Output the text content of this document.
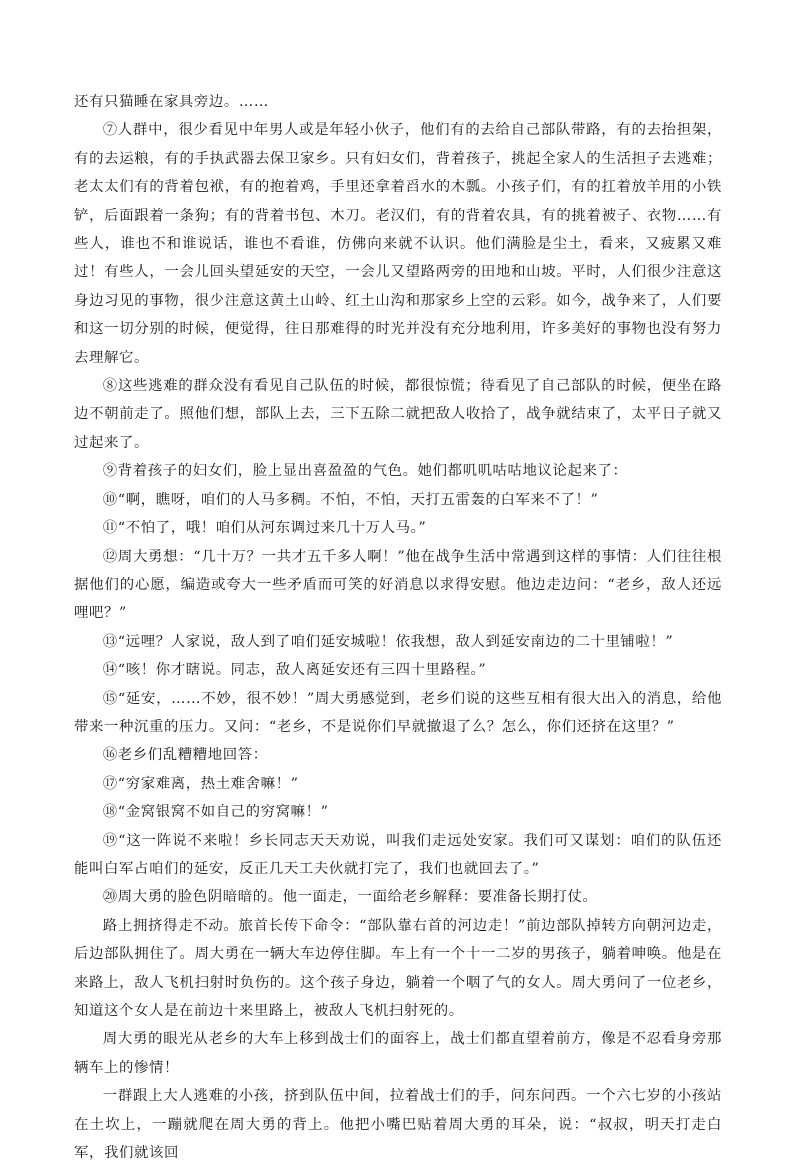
还有只猫睡在家具旁边。……

⑦人群中，很少看见中年男人或是年轻小伙子，他们有的去给自己部队带路，有的去抬担架，有的去运粮，有的手执武器去保卫家乡。只有妇女们，背着孩子，挑起全家人的生活担子去逃难；老太太们有的背着包袱，有的抱着鸡，手里还拿着舀水的木瓢。小孩子们，有的扛着放羊用的小铁铲，后面跟着一条狗；有的背着书包、木刀。老汉们，有的背着农具，有的挑着被子、衣物……有些人，谁也不和谁说话，谁也不看谁，仿佛向来就不认识。他们满脸是尘土，看来，又疲累又难过！有些人，一会儿回头望延安的天空，一会儿又望路两旁的田地和山坡。平时，人们很少注意这身边习见的事物，很少注意这黄土山岭、红土山沟和那家乡上空的云彩。如今，战争来了，人们要和这一切分别的时候，便觉得，往日那难得的时光并没有充分地利用，许多美好的事物也没有努力去理解它。

⑧这些逃难的群众没有看见自己队伍的时候，都很惊慌；待看见了自己部队的时候，便坐在路边不朝前走了。照他们想，部队上去，三下五除二就把敌人收拾了，战争就结束了，太平日子就又过起来了。

⑨背着孩子的妇女们，脸上显出喜盈盈的气色。她们都叽叽咕咕地议论起来了：

⑩“啊，瞧呀，咱们的人马多稠。不怕，不怕，天打五雷轰的白军来不了！”

⑪“不怕了，哦！咱们从河东调过来几十万人马。”

⑫周大勇想：“几十万？一共才五千多人啊！”他在战争生活中常遇到这样的事情：人们往往根据他们的心愿，编造或夸大一些矛盾而可笑的好消息以求得安慰。他边走边问：“老乡，敌人还远哩吧？”

⑬“远哩？人家说，敌人到了咱们延安城啦！依我想，敌人到延安南边的二十里铺啦！”

⑭“咳！你才瞎说。同志，敌人离延安还有三四十里路程。”

⑮“延安，……不妙，很不妙！”周大勇感觉到，老乡们说的这些互相有很大出入的消息，给他带来一种沉重的压力。又问：“老乡，不是说你们早就撤退了么？怎么，你们还挤在这里？”

⑯老乡们乱糟糟地回答：

⑰“穷家难离，热土难舍嘛！”

⑱“金窝银窝不如自己的穷窝嘛！”

⑲“这一阵说不来啦！乡长同志天天劝说，叫我们走远处安家。我们可又谋划：咱们的队伍还能叫白军占咱们的延安，反正几天工夫伙就打完了，我们也就回去了。”

⑳周大勇的脸色阴暗暗的。他一面走，一面给老乡解释：要准备长期打仗。

路上拥挤得走不动。旅首长传下命令：“部队靠右首的河边走！”前边部队掉转方向朝河边走，后边部队拥住了。周大勇在一辆大车边停住脚。车上有一个十一二岁的男孩子，躺着呻唤。他是在来路上，敌人飞机扫射时负伤的。这个孩子身边，躺着一个咽了气的女人。周大勇问了一位老乡，知道这个女人是在前边十来里路上，被敌人飞机扫射死的。

周大勇的眼光从老乡的大车上移到战士们的面容上，战士们都直望着前方，像是不忍看身旁那辆车上的惨情！

一群跟上大人逃难的小孩，挤到队伍中间，拉着战士们的手，问东问西。一个六七岁的小孩站在土坎上，一蹦就爬在周大勇的背上。他把小嘴巴贴着周大勇的耳朵，说：“叔叔，明天打走白军，我们就该回
